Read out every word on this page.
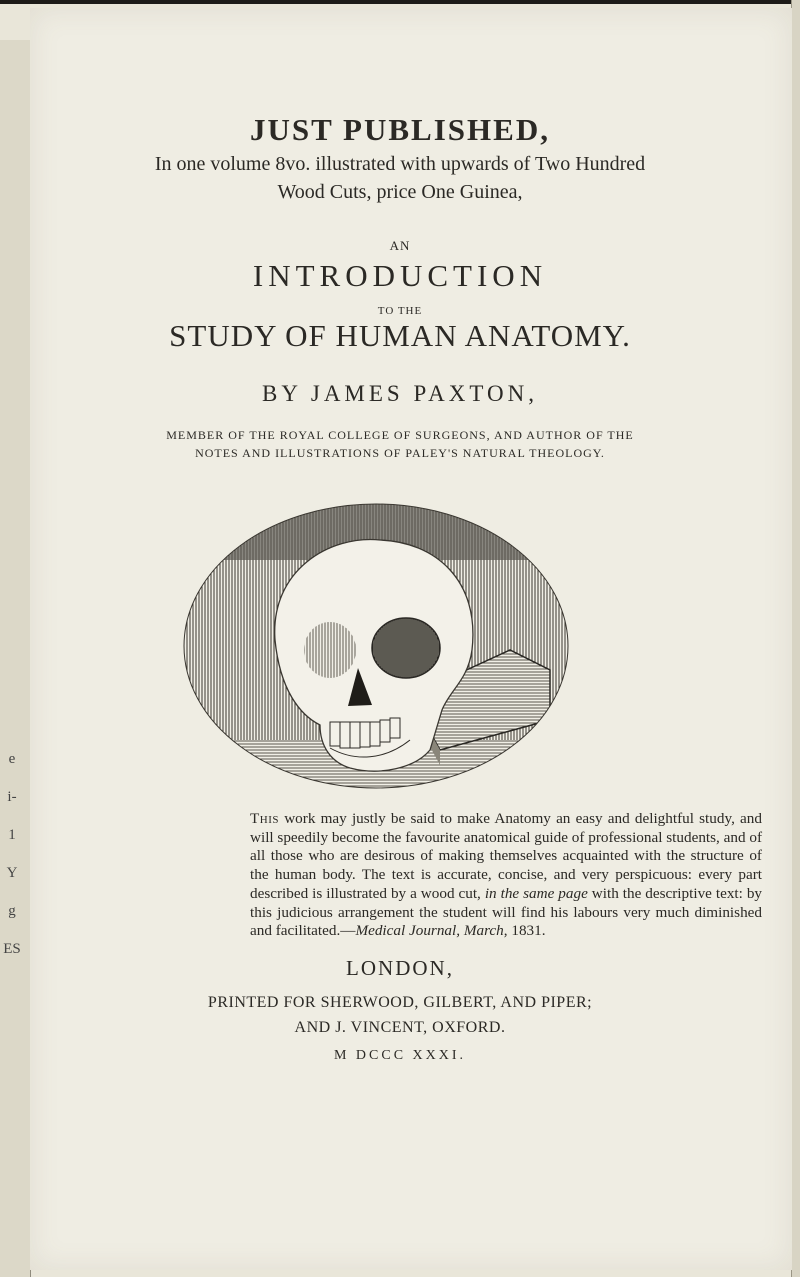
e
i-
1
Y
g
ES
JUST PUBLISHED,
In one volume 8vo. illustrated with upwards of Two Hundred
Wood Cuts, price One Guinea,
AN
INTRODUCTION
TO THE
STUDY OF HUMAN ANATOMY.
BY JAMES PAXTON,
MEMBER OF THE ROYAL COLLEGE OF SURGEONS, AND AUTHOR OF THE
NOTES AND ILLUSTRATIONS OF PALEY'S NATURAL THEOLOGY.
This work may justly be said to make Anatomy an easy and delightful study, and will speedily become the favourite anatomical guide of professional students, and of all those who are desirous of making themselves acquainted with the structure of the human body. The text is accurate, concise, and very perspicuous: every part described is illustrated by a wood cut, in the same page with the descriptive text: by this judicious arrangement the student will find his labours very much diminished and facilitated.—Medical Journal, March, 1831.
LONDON,
PRINTED FOR SHERWOOD, GILBERT, AND PIPER;
AND J. VINCENT, OXFORD.
M DCCC XXXI.
